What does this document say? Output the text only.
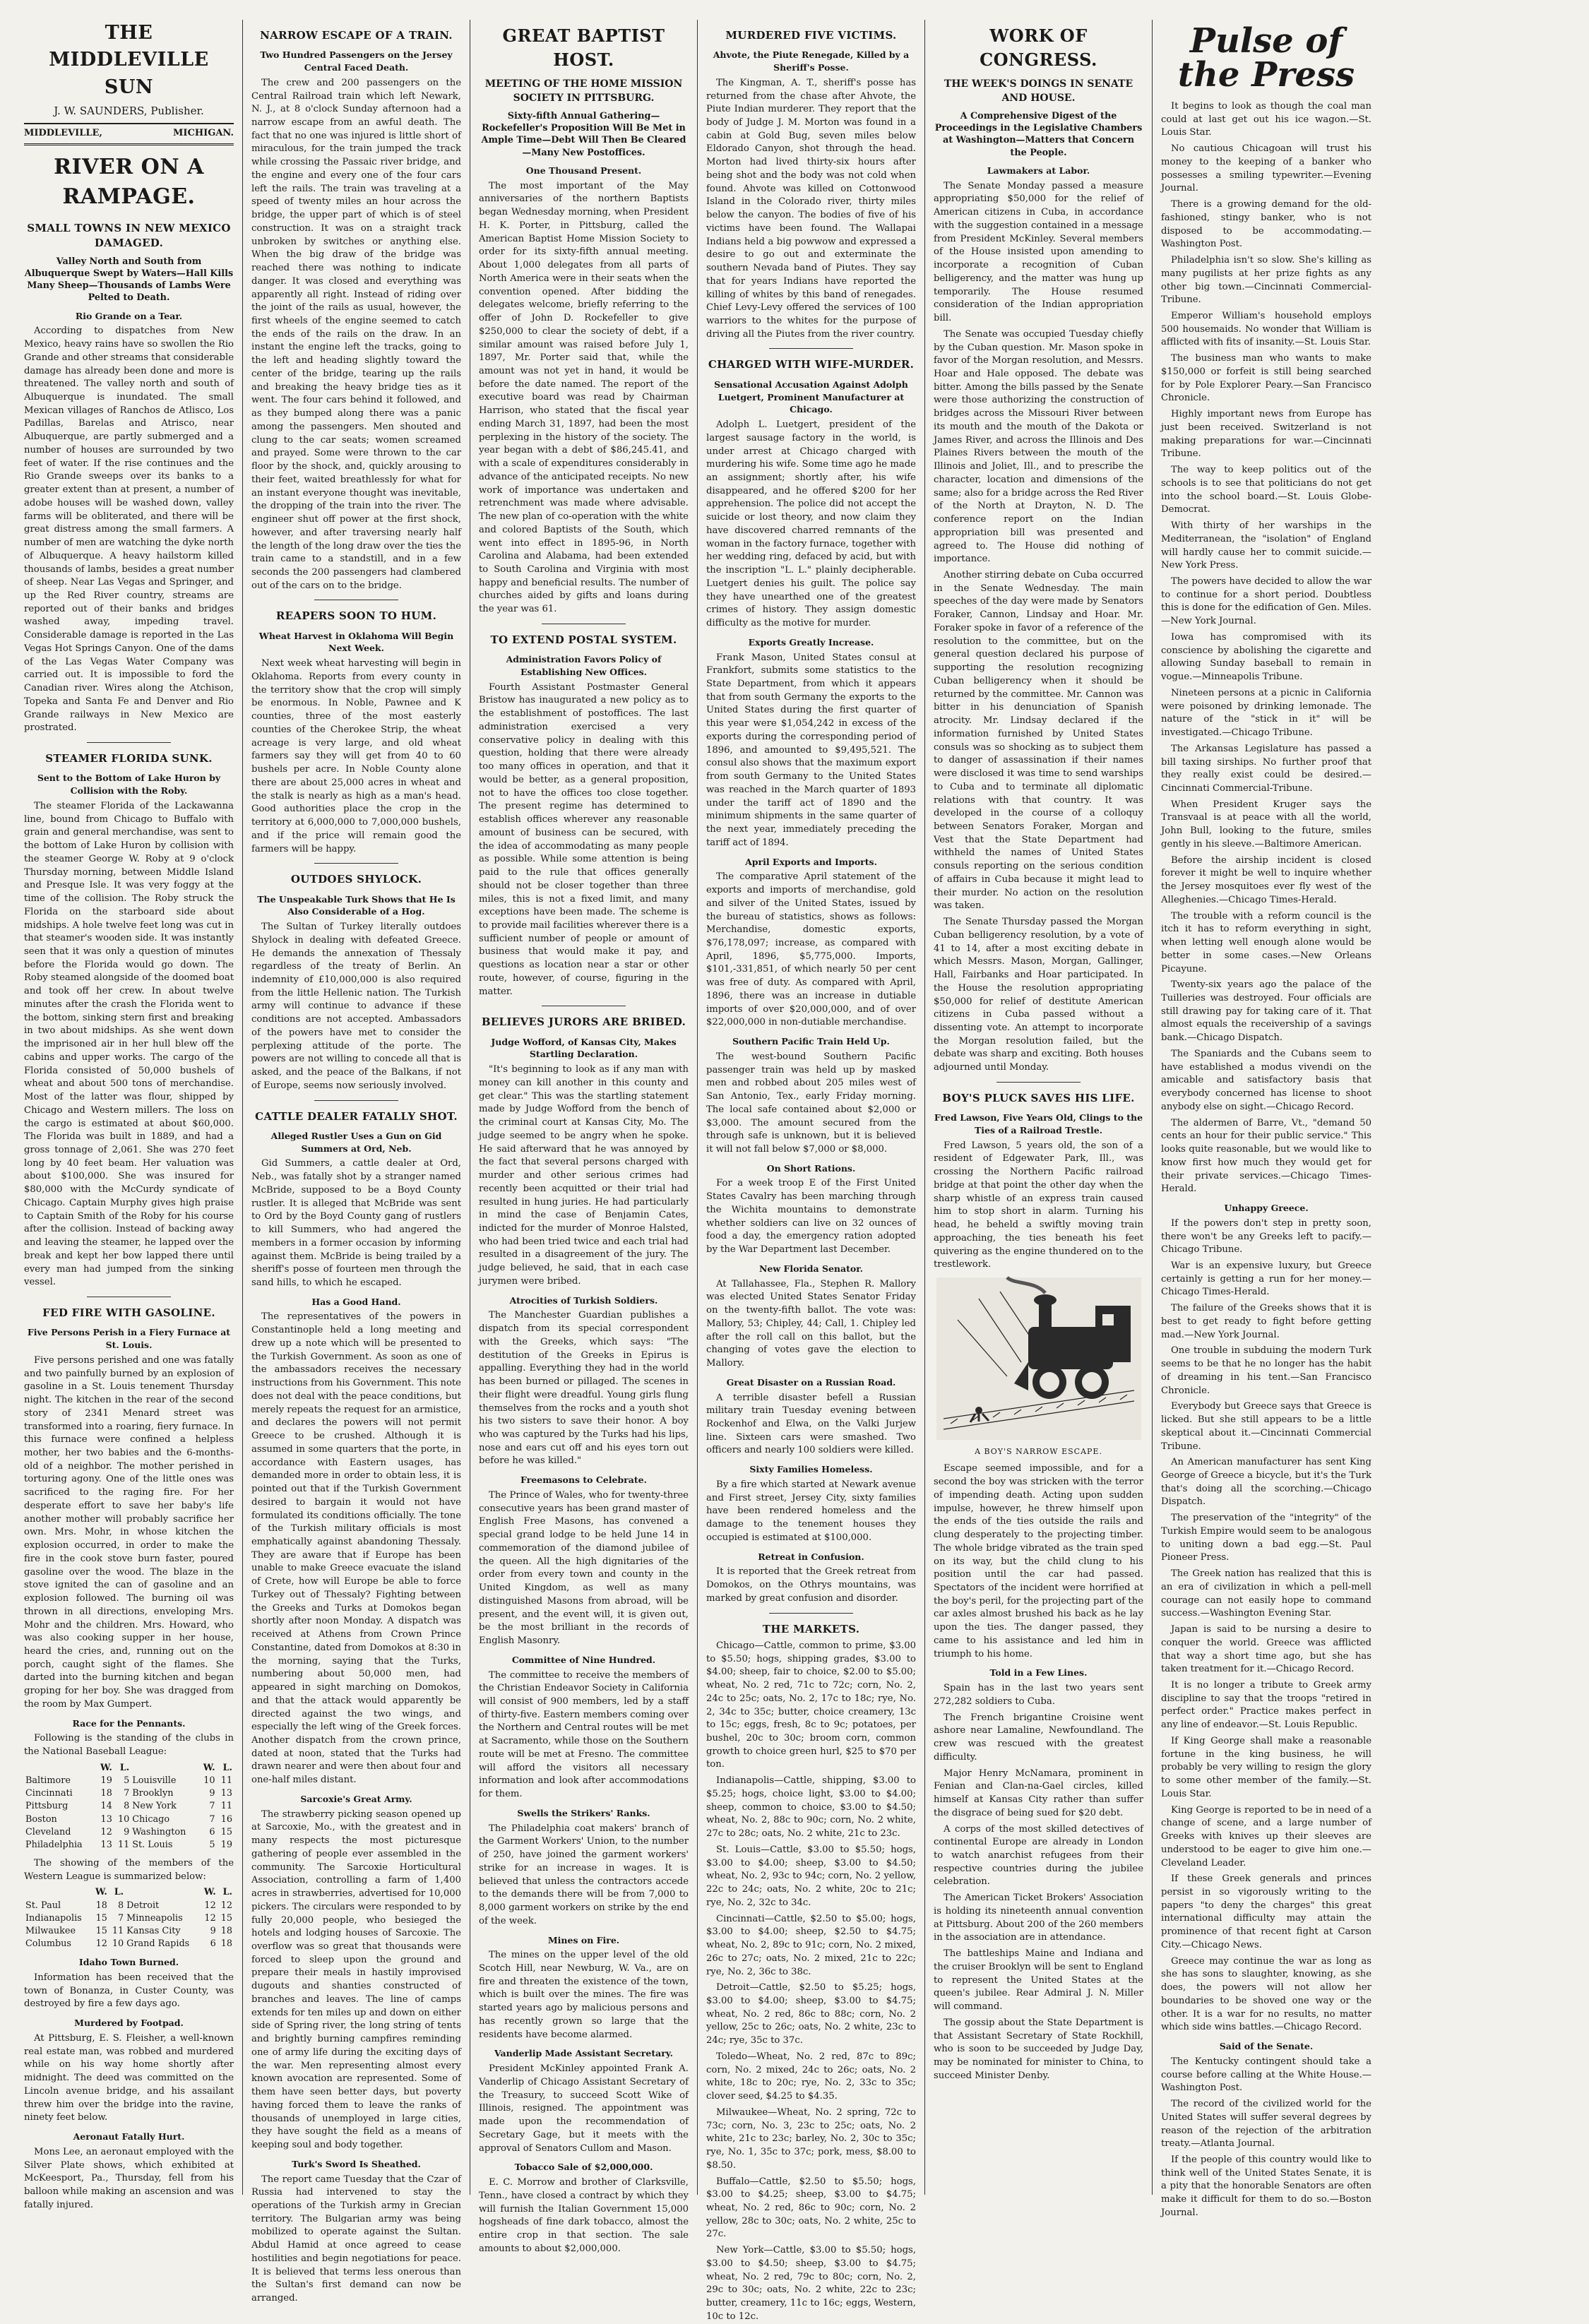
THE MIDDLEVILLE SUN
J. W. SAUNDERS, Publisher.
MIDDLEVILLE,	MICHIGAN.
RIVER ON A RAMPAGE.
SMALL TOWNS IN NEW MEXICO DAMAGED.
Valley North and South from Albuquerque Swept by Waters—Hall Kills Many Sheep—Thousands of Lambs Were Pelted to Death.
Rio Grande on a Tear.

According to dispatches from New Mexico, heavy rains have so swollen the Rio Grande and other streams that considerable damage has already been done and more is threatened. The valley north and south of Albuquerque is inundated. The small Mexican villages of Ranchos de Atlisco, Los Padillas, Barelas and Atrisco, near Albuquerque, are partly submerged and a number of houses are surrounded by two feet of water. If the rise continues and the Rio Grande sweeps over its banks to a greater extent than at present, a number of adobe houses will be washed down, valley farms will be obliterated, and there will be great distress among the small farmers. A number of men are watching the dyke north of Albuquerque. A heavy hailstorm killed thousands of lambs, besides a great number of sheep. Near Las Vegas and Springer, and up the Red River country, streams are reported out of their banks and bridges washed away, impeding travel. Considerable damage is reported in the Las Vegas Hot Springs Canyon. One of the dams of the Las Vegas Water Company was carried out. It is impossible to ford the Canadian river. Wires along the Atchison, Topeka and Santa Fe and Denver and Rio Grande railways in New Mexico are prostrated.

STEAMER FLORIDA SUNK.
Sent to the Bottom of Lake Huron by Collision with the Roby.

The steamer Florida of the Lackawanna line, bound from Chicago to Buffalo with grain and general merchandise, was sent to the bottom of Lake Huron by collision with the steamer George W. Roby at 9 o'clock Thursday morning, between Middle Island and Presque Isle. It was very foggy at the time of the collision. The Roby struck the Florida on the starboard side about midships. A hole twelve feet long was cut in that steamer's wooden side. It was instantly seen that it was only a question of minutes before the Florida would go down. The Roby steamed alongside of the doomed boat and took off her crew. In about twelve minutes after the crash the Florida went to the bottom, sinking stern first and breaking in two about midships. As she went down the imprisoned air in her hull blew off the cabins and upper works. The cargo of the Florida consisted of 50,000 bushels of wheat and about 500 tons of merchandise. Most of the latter was flour, shipped by Chicago and Western millers. The loss on the cargo is estimated at about $60,000. The Florida was built in 1889, and had a gross tonnage of 2,061. She was 270 feet long by 40 feet beam. Her valuation was about $100,000. She was insured for $80,000 with the McCurdy syndicate of Chicago. Captain Murphy gives high praise to Captain Smith of the Roby for his course after the collision. Instead of backing away and leaving the steamer, he lapped over the break and kept her bow lapped there until every man had jumped from the sinking vessel.

FED FIRE WITH GASOLINE.
Five Persons Perish in a Fiery Furnace at St. Louis.

Five persons perished and one was fatally and two painfully burned by an explosion of gasoline in a St. Louis tenement Thursday night. The kitchen in the rear of the second story of 2341 Menard street was transformed into a roaring, fiery furnace. In this furnace were confined a helpless mother, her two babies and the 6-months-old of a neighbor. The mother perished in torturing agony. One of the little ones was sacrificed to the raging fire. For her desperate effort to save her baby's life another mother will probably sacrifice her own. Mrs. Mohr, in whose kitchen the explosion occurred, in order to make the fire in the cook stove burn faster, poured gasoline over the wood. The blaze in the stove ignited the can of gasoline and an explosion followed. The burning oil was thrown in all directions, enveloping Mrs. Mohr and the children. Mrs. Howard, who was also cooking supper in her house, heard the cries, and, running out on the porch, caught sight of the flames. She darted into the burning kitchen and began groping for her boy. She was dragged from the room by Max Gumpert.

Race for the Pennants.

Following is the standing of the clubs in the National Baseball League:

	W.	L.		W.	L.
Baltimore	19	5	Louisville	10	11
Cincinnati	18	7	Brooklyn	9	13
Pittsburg	14	8	New York	7	11
Boston	13	10	Chicago	7	16
Cleveland	12	9	Washington	6	15
Philadelphia	13	11	St. Louis	5	19

The showing of the members of the Western League is summarized below:

	W.	L.		W.	L.
St. Paul	18	8	Detroit	12	12
Indianapolis	15	7	Minneapolis	12	15
Milwaukee	15	11	Kansas City	9	18
Columbus	12	10	Grand Rapids	6	18
Idaho Town Burned.

Information has been received that the town of Bonanza, in Custer County, was destroyed by fire a few days ago.

Murdered by Footpad.

At Pittsburg, E. S. Fleisher, a well-known real estate man, was robbed and murdered while on his way home shortly after midnight. The deed was committed on the Lincoln avenue bridge, and his assailant threw him over the bridge into the ravine, ninety feet below.

Aeronaut Fatally Hurt.

Mons Lee, an aeronaut employed with the Silver Plate shows, which exhibited at McKeesport, Pa., Thursday, fell from his balloon while making an ascension and was fatally injured.

NARROW ESCAPE OF A TRAIN.
Two Hundred Passengers on the Jersey Central Faced Death.

The crew and 200 passengers on the Central Railroad train which left Newark, N. J., at 8 o'clock Sunday afternoon had a narrow escape from an awful death. The fact that no one was injured is little short of miraculous, for the train jumped the track while crossing the Passaic river bridge, and the engine and every one of the four cars left the rails. The train was traveling at a speed of twenty miles an hour across the bridge, the upper part of which is of steel construction. It was on a straight track unbroken by switches or anything else. When the big draw of the bridge was reached there was nothing to indicate danger. It was closed and everything was apparently all right. Instead of riding over the joint of the rails as usual, however, the first wheels of the engine seemed to catch the ends of the rails on the draw. In an instant the engine left the tracks, going to the left and heading slightly toward the center of the bridge, tearing up the rails and breaking the heavy bridge ties as it went. The four cars behind it followed, and as they bumped along there was a panic among the passengers. Men shouted and clung to the car seats; women screamed and prayed. Some were thrown to the car floor by the shock, and, quickly arousing to their feet, waited breathlessly for what for an instant everyone thought was inevitable, the dropping of the train into the river. The engineer shut off power at the first shock, however, and after traversing nearly half the length of the long draw over the ties the train came to a standstill, and in a few seconds the 200 passengers had clambered out of the cars on to the bridge.

REAPERS SOON TO HUM.
Wheat Harvest in Oklahoma Will Begin Next Week.

Next week wheat harvesting will begin in Oklahoma. Reports from every county in the territory show that the crop will simply be enormous. In Noble, Pawnee and K counties, three of the most easterly counties of the Cherokee Strip, the wheat acreage is very large, and old wheat farmers say they will get from 40 to 60 bushels per acre. In Noble County alone there are about 25,000 acres in wheat and the stalk is nearly as high as a man's head. Good authorities place the crop in the territory at 6,000,000 to 7,000,000 bushels, and if the price will remain good the farmers will be happy.

OUTDOES SHYLOCK.
The Unspeakable Turk Shows that He Is Also Considerable of a Hog.

The Sultan of Turkey literally outdoes Shylock in dealing with defeated Greece. He demands the annexation of Thessaly regardless of the treaty of Berlin. An indemnity of £10,000,000 is also required from the little Hellenic nation. The Turkish army will continue to advance if these conditions are not accepted. Ambassadors of the powers have met to consider the perplexing attitude of the porte. The powers are not willing to concede all that is asked, and the peace of the Balkans, if not of Europe, seems now seriously involved.

CATTLE DEALER FATALLY SHOT.
Alleged Rustler Uses a Gun on Gid Summers at Ord, Neb.

Gid Summers, a cattle dealer at Ord, Neb., was fatally shot by a stranger named McBride, supposed to be a Boyd County rustler. It is alleged that McBride was sent to Ord by the Boyd County gang of rustlers to kill Summers, who had angered the members in a former occasion by informing against them. McBride is being trailed by a sheriff's posse of fourteen men through the sand hills, to which he escaped.

Has a Good Hand.

The representatives of the powers in Constantinople held a long meeting and drew up a note which will be presented to the Turkish Government. As soon as one of the ambassadors receives the necessary instructions from his Government. This note does not deal with the peace conditions, but merely repeats the request for an armistice, and declares the powers will not permit Greece to be crushed. Although it is assumed in some quarters that the porte, in accordance with Eastern usages, has demanded more in order to obtain less, it is pointed out that if the Turkish Government desired to bargain it would not have formulated its conditions officially. The tone of the Turkish military officials is most emphatically against abandoning Thessaly. They are aware that if Europe has been unable to make Greece evacuate the island of Crete, how will Europe be able to force Turkey out of Thessaly? Fighting between the Greeks and Turks at Domokos began shortly after noon Monday. A dispatch was received at Athens from Crown Prince Constantine, dated from Domokos at 8:30 in the morning, saying that the Turks, numbering about 50,000 men, had appeared in sight marching on Domokos, and that the attack would apparently be directed against the two wings, and especially the left wing of the Greek forces. Another dispatch from the crown prince, dated at noon, stated that the Turks had drawn nearer and were then about four and one-half miles distant.

Sarcoxie's Great Army.

The strawberry picking season opened up at Sarcoxie, Mo., with the greatest and in many respects the most picturesque gathering of people ever assembled in the community. The Sarcoxie Horticultural Association, controlling a farm of 1,400 acres in strawberries, advertised for 10,000 pickers. The circulars were responded to by fully 20,000 people, who besieged the hotels and lodging houses of Sarcoxie. The overflow was so great that thousands were forced to sleep upon the ground and prepare their meals in hastily improvised dugouts and shanties constructed of branches and leaves. The line of camps extends for ten miles up and down on either side of Spring river, the long string of tents and brightly burning campfires reminding one of army life during the exciting days of the war. Men representing almost every known avocation are represented. Some of them have seen better days, but poverty having forced them to leave the ranks of thousands of unemployed in large cities, they have sought the field as a means of keeping soul and body together.

Turk's Sword Is Sheathed.

The report came Tuesday that the Czar of Russia had intervened to stay the operations of the Turkish army in Grecian territory. The Bulgarian army was being mobilized to operate against the Sultan. Abdul Hamid at once agreed to cease hostilities and begin negotiations for peace. It is believed that terms less onerous than the Sultan's first demand can now be arranged.

GREAT BAPTIST HOST.
MEETING OF THE HOME MISSION SOCIETY IN PITTSBURG.
Sixty-fifth Annual Gathering—Rockefeller's Proposition Will Be Met in Ample Time—Debt Will Then Be Cleared—Many New Postoffices.
One Thousand Present.

The most important of the May anniversaries of the northern Baptists began Wednesday morning, when President H. K. Porter, in Pittsburg, called the American Baptist Home Mission Society to order for its sixty-fifth annual meeting. About 1,000 delegates from all parts of North America were in their seats when the convention opened. After bidding the delegates welcome, briefly referring to the offer of John D. Rockefeller to give $250,000 to clear the society of debt, if a similar amount was raised before July 1, 1897, Mr. Porter said that, while the amount was not yet in hand, it would be before the date named. The report of the executive board was read by Chairman Harrison, who stated that the fiscal year ending March 31, 1897, had been the most perplexing in the history of the society. The year began with a debt of $86,245.41, and with a scale of expenditures considerably in advance of the anticipated receipts. No new work of importance was undertaken and retrenchment was made where advisable. The new plan of co-operation with the white and colored Baptists of the South, which went into effect in 1895-96, in North Carolina and Alabama, had been extended to South Carolina and Virginia with most happy and beneficial results. The number of churches aided by gifts and loans during the year was 61.

TO EXTEND POSTAL SYSTEM.
Administration Favors Policy of Establishing New Offices.

Fourth Assistant Postmaster General Bristow has inaugurated a new policy as to the establishment of postoffices. The last administration exercised a very conservative policy in dealing with this question, holding that there were already too many offices in operation, and that it would be better, as a general proposition, not to have the offices too close together. The present regime has determined to establish offices wherever any reasonable amount of business can be secured, with the idea of accommodating as many people as possible. While some attention is being paid to the rule that offices generally should not be closer together than three miles, this is not a fixed limit, and many exceptions have been made. The scheme is to provide mail facilities wherever there is a sufficient number of people or amount of business that would make it pay, and questions as location near a star or other route, however, of course, figuring in the matter.

BELIEVES JURORS ARE BRIBED.
Judge Wofford, of Kansas City, Makes Startling Declaration.

"It's beginning to look as if any man with money can kill another in this county and get clear." This was the startling statement made by Judge Wofford from the bench of the criminal court at Kansas City, Mo. The judge seemed to be angry when he spoke. He said afterward that he was annoyed by the fact that several persons charged with murder and other serious crimes had recently been acquitted or their trial had resulted in hung juries. He had particularly in mind the case of Benjamin Cates, indicted for the murder of Monroe Halsted, who had been tried twice and each trial had resulted in a disagreement of the jury. The judge believed, he said, that in each case jurymen were bribed.

Atrocities of Turkish Soldiers.

The Manchester Guardian publishes a dispatch from its special correspondent with the Greeks, which says: "The destitution of the Greeks in Epirus is appalling. Everything they had in the world has been burned or pillaged. The scenes in their flight were dreadful. Young girls flung themselves from the rocks and a youth shot his two sisters to save their honor. A boy who was captured by the Turks had his lips, nose and ears cut off and his eyes torn out before he was killed."

Freemasons to Celebrate.

The Prince of Wales, who for twenty-three consecutive years has been grand master of English Free Masons, has convened a special grand lodge to be held June 14 in commemoration of the diamond jubilee of the queen. All the high dignitaries of the order from every town and county in the United Kingdom, as well as many distinguished Masons from abroad, will be present, and the event will, it is given out, be the most brilliant in the records of English Masonry.

Committee of Nine Hundred.

The committee to receive the members of the Christian Endeavor Society in California will consist of 900 members, led by a staff of thirty-five. Eastern members coming over the Northern and Central routes will be met at Sacramento, while those on the Southern route will be met at Fresno. The committee will afford the visitors all necessary information and look after accommodations for them.

Swells the Strikers' Ranks.

The Philadelphia coat makers' branch of the Garment Workers' Union, to the number of 250, have joined the garment workers' strike for an increase in wages. It is believed that unless the contractors accede to the demands there will be from 7,000 to 8,000 garment workers on strike by the end of the week.

Mines on Fire.

The mines on the upper level of the old Scotch Hill, near Newburg, W. Va., are on fire and threaten the existence of the town, which is built over the mines. The fire was started years ago by malicious persons and has recently grown so large that the residents have become alarmed.

Vanderlip Made Assistant Secretary.

President McKinley appointed Frank A. Vanderlip of Chicago Assistant Secretary of the Treasury, to succeed Scott Wike of Illinois, resigned. The appointment was made upon the recommendation of Secretary Gage, but it meets with the approval of Senators Cullom and Mason.

Tobacco Sale of $2,000,000.

E. C. Morrow and brother of Clarksville, Tenn., have closed a contract by which they will furnish the Italian Government 15,000 hogsheads of fine dark tobacco, almost the entire crop in that section. The sale amounts to about $2,000,000.

MURDERED FIVE VICTIMS.
Ahvote, the Piute Renegade, Killed by a Sheriff's Posse.

The Kingman, A. T., sheriff's posse has returned from the chase after Ahvote, the Piute Indian murderer. They report that the body of Judge J. M. Morton was found in a cabin at Gold Bug, seven miles below Eldorado Canyon, shot through the head. Morton had lived thirty-six hours after being shot and the body was not cold when found. Ahvote was killed on Cottonwood Island in the Colorado river, thirty miles below the canyon. The bodies of five of his victims have been found. The Wallapai Indians held a big powwow and expressed a desire to go out and exterminate the southern Nevada band of Piutes. They say that for years Indians have reported the killing of whites by this band of renegades. Chief Levy-Levy offered the services of 100 warriors to the whites for the purpose of driving all the Piutes from the river country.

CHARGED WITH WIFE-MURDER.
Sensational Accusation Against Adolph Luetgert, Prominent Manufacturer at Chicago.

Adolph L. Luetgert, president of the largest sausage factory in the world, is under arrest at Chicago charged with murdering his wife. Some time ago he made an assignment; shortly after, his wife disappeared, and he offered $200 for her apprehension. The police did not accept the suicide or lost theory, and now claim they have discovered charred remnants of the woman in the factory furnace, together with her wedding ring, defaced by acid, but with the inscription "L. L." plainly decipherable. Luetgert denies his guilt. The police say they have unearthed one of the greatest crimes of history. They assign domestic difficulty as the motive for murder.

Exports Greatly Increase.

Frank Mason, United States consul at Frankfort, submits some statistics to the State Department, from which it appears that from south Germany the exports to the United States during the first quarter of this year were $1,054,242 in excess of the exports during the corresponding period of 1896, and amounted to $9,495,521. The consul also shows that the maximum export from south Germany to the United States was reached in the March quarter of 1893 under the tariff act of 1890 and the minimum shipments in the same quarter of the next year, immediately preceding the tariff act of 1894.

April Exports and Imports.

The comparative April statement of the exports and imports of merchandise, gold and silver of the United States, issued by the bureau of statistics, shows as follows: Merchandise, domestic exports, $76,178,097; increase, as compared with April, 1896, $5,775,000. Imports, $101,-331,851, of which nearly 50 per cent was free of duty. As compared with April, 1896, there was an increase in dutiable imports of over $20,000,000, and of over $22,000,000 in non-dutiable merchandise.

Southern Pacific Train Held Up.

The west-bound Southern Pacific passenger train was held up by masked men and robbed about 205 miles west of San Antonio, Tex., early Friday morning. The local safe contained about $2,000 or $3,000. The amount secured from the through safe is unknown, but it is believed it will not fall below $7,000 or $8,000.

On Short Rations.

For a week troop E of the First United States Cavalry has been marching through the Wichita mountains to demonstrate whether soldiers can live on 32 ounces of food a day, the emergency ration adopted by the War Department last December.

New Florida Senator.

At Tallahassee, Fla., Stephen R. Mallory was elected United States Senator Friday on the twenty-fifth ballot. The vote was: Mallory, 53; Chipley, 44; Call, 1. Chipley led after the roll call on this ballot, but the changing of votes gave the election to Mallory.

Great Disaster on a Russian Road.

A terrible disaster befell a Russian military train Tuesday evening between Rockenhof and Elwa, on the Valki Jurjew line. Sixteen cars were smashed. Two officers and nearly 100 soldiers were killed.

Sixty Families Homeless.

By a fire which started at Newark avenue and First street, Jersey City, sixty families have been rendered homeless and the damage to the tenement houses they occupied is estimated at $100,000.

Retreat in Confusion.

It is reported that the Greek retreat from Domokos, on the Othrys mountains, was marked by great confusion and disorder.

THE MARKETS.

Chicago—Cattle, common to prime, $3.00 to $5.50; hogs, shipping grades, $3.00 to $4.00; sheep, fair to choice, $2.00 to $5.00; wheat, No. 2 red, 71c to 72c; corn, No. 2, 24c to 25c; oats, No. 2, 17c to 18c; rye, No. 2, 34c to 35c; butter, choice creamery, 13c to 15c; eggs, fresh, 8c to 9c; potatoes, per bushel, 20c to 30c; broom corn, common growth to choice green hurl, $25 to $70 per ton.

Indianapolis—Cattle, shipping, $3.00 to $5.25; hogs, choice light, $3.00 to $4.00; sheep, common to choice, $3.00 to $4.50; wheat, No. 2, 88c to 90c; corn, No. 2 white, 27c to 28c; oats, No. 2 white, 21c to 23c.

St. Louis—Cattle, $3.00 to $5.50; hogs, $3.00 to $4.00; sheep, $3.00 to $4.50; wheat, No. 2, 93c to 94c; corn, No. 2 yellow, 22c to 24c; oats, No. 2 white, 20c to 21c; rye, No. 2, 32c to 34c.

Cincinnati—Cattle, $2.50 to $5.00; hogs, $3.00 to $4.00; sheep, $2.50 to $4.75; wheat, No. 2, 89c to 91c; corn, No. 2 mixed, 26c to 27c; oats, No. 2 mixed, 21c to 22c; rye, No. 2, 36c to 38c.

Detroit—Cattle, $2.50 to $5.25; hogs, $3.00 to $4.00; sheep, $3.00 to $4.75; wheat, No. 2 red, 86c to 88c; corn, No. 2 yellow, 25c to 26c; oats, No. 2 white, 23c to 24c; rye, 35c to 37c.

Toledo—Wheat, No. 2 red, 87c to 89c; corn, No. 2 mixed, 24c to 26c; oats, No. 2 white, 18c to 20c; rye, No. 2, 33c to 35c; clover seed, $4.25 to $4.35.

Milwaukee—Wheat, No. 2 spring, 72c to 73c; corn, No. 3, 23c to 25c; oats, No. 2 white, 21c to 23c; barley, No. 2, 30c to 35c; rye, No. 1, 35c to 37c; pork, mess, $8.00 to $8.50.

Buffalo—Cattle, $2.50 to $5.50; hogs, $3.00 to $4.25; sheep, $3.00 to $4.75; wheat, No. 2 red, 86c to 90c; corn, No. 2 yellow, 28c to 30c; oats, No. 2 white, 25c to 27c.

New York—Cattle, $3.00 to $5.50; hogs, $3.00 to $4.50; sheep, $3.00 to $4.75; wheat, No. 2 red, 79c to 80c; corn, No. 2, 29c to 30c; oats, No. 2 white, 22c to 23c; butter, creamery, 11c to 16c; eggs, Western, 10c to 12c.

WORK OF CONGRESS.
THE WEEK'S DOINGS IN SENATE AND HOUSE.
A Comprehensive Digest of the Proceedings in the Legislative Chambers at Washington—Matters that Concern the People.
Lawmakers at Labor.

The Senate Monday passed a measure appropriating $50,000 for the relief of American citizens in Cuba, in accordance with the suggestion contained in a message from President McKinley. Several members of the House insisted upon amending to incorporate a recognition of Cuban belligerency, and the matter was hung up temporarily. The House resumed consideration of the Indian appropriation bill.

The Senate was occupied Tuesday chiefly by the Cuban question. Mr. Mason spoke in favor of the Morgan resolution, and Messrs. Hoar and Hale opposed. The debate was bitter. Among the bills passed by the Senate were those authorizing the construction of bridges across the Missouri River between its mouth and the mouth of the Dakota or James River, and across the Illinois and Des Plaines Rivers between the mouth of the Illinois and Joliet, Ill., and to prescribe the character, location and dimensions of the same; also for a bridge across the Red River of the North at Drayton, N. D. The conference report on the Indian appropriation bill was presented and agreed to. The House did nothing of importance.

Another stirring debate on Cuba occurred in the Senate Wednesday. The main speeches of the day were made by Senators Foraker, Cannon, Lindsay and Hoar. Mr. Foraker spoke in favor of a reference of the resolution to the committee, but on the general question declared his purpose of supporting the resolution recognizing Cuban belligerency when it should be returned by the committee. Mr. Cannon was bitter in his denunciation of Spanish atrocity. Mr. Lindsay declared if the information furnished by United States consuls was so shocking as to subject them to danger of assassination if their names were disclosed it was time to send warships to Cuba and to terminate all diplomatic relations with that country. It was developed in the course of a colloquy between Senators Foraker, Morgan and Vest that the State Department had withheld the names of United States consuls reporting on the serious condition of affairs in Cuba because it might lead to their murder. No action on the resolution was taken.

The Senate Thursday passed the Morgan Cuban belligerency resolution, by a vote of 41 to 14, after a most exciting debate in which Messrs. Mason, Morgan, Gallinger, Hall, Fairbanks and Hoar participated. In the House the resolution appropriating $50,000 for relief of destitute American citizens in Cuba passed without a dissenting vote. An attempt to incorporate the Morgan resolution failed, but the debate was sharp and exciting. Both houses adjourned until Monday.

BOY'S PLUCK SAVES HIS LIFE.
Fred Lawson, Five Years Old, Clings to the Ties of a Railroad Trestle.

Fred Lawson, 5 years old, the son of a resident of Edgewater Park, Ill., was crossing the Northern Pacific railroad bridge at that point the other day when the sharp whistle of an express train caused him to stop short in alarm. Turning his head, he beheld a swiftly moving train approaching, the ties beneath his feet quivering as the engine thundered on to the trestlework.

A BOY'S NARROW ESCAPE.

Escape seemed impossible, and for a second the boy was stricken with the terror of impending death. Acting upon sudden impulse, however, he threw himself upon the ends of the ties outside the rails and clung desperately to the projecting timber. The whole bridge vibrated as the train sped on its way, but the child clung to his position until the car had passed. Spectators of the incident were horrified at the boy's peril, for the projecting part of the car axles almost brushed his back as he lay upon the ties. The danger passed, they came to his assistance and led him in triumph to his home.

Told in a Few Lines.

Spain has in the last two years sent 272,282 soldiers to Cuba.

The French brigantine Croisine went ashore near Lamaline, Newfoundland. The crew was rescued with the greatest difficulty.

Major Henry McNamara, prominent in Fenian and Clan-na-Gael circles, killed himself at Kansas City rather than suffer the disgrace of being sued for $20 debt.

A corps of the most skilled detectives of continental Europe are already in London to watch anarchist refugees from their respective countries during the jubilee celebration.

The American Ticket Brokers' Association is holding its nineteenth annual convention at Pittsburg. About 200 of the 260 members in the association are in attendance.

The battleships Maine and Indiana and the cruiser Brooklyn will be sent to England to represent the United States at the queen's jubilee. Rear Admiral J. N. Miller will command.

The gossip about the State Department is that Assistant Secretary of State Rockhill, who is soon to be succeeded by Judge Day, may be nominated for minister to China, to succeed Minister Denby.

Pulse of the Press

It begins to look as though the coal man could at last get out his ice wagon.—St. Louis Star.

No cautious Chicagoan will trust his money to the keeping of a banker who possesses a smiling typewriter.—Evening Journal.

There is a growing demand for the old-fashioned, stingy banker, who is not disposed to be accommodating.—Washington Post.

Philadelphia isn't so slow. She's killing as many pugilists at her prize fights as any other big town.—Cincinnati Commercial-Tribune.

Emperor William's household employs 500 housemaids. No wonder that William is afflicted with fits of insanity.—St. Louis Star.

The business man who wants to make $150,000 or forfeit is still being searched for by Pole Explorer Peary.—San Francisco Chronicle.

Highly important news from Europe has just been received. Switzerland is not making preparations for war.—Cincinnati Tribune.

The way to keep politics out of the schools is to see that politicians do not get into the school board.—St. Louis Globe-Democrat.

With thirty of her warships in the Mediterranean, the "isolation" of England will hardly cause her to commit suicide.—New York Press.

The powers have decided to allow the war to continue for a short period. Doubtless this is done for the edification of Gen. Miles.—New York Journal.

Iowa has compromised with its conscience by abolishing the cigarette and allowing Sunday baseball to remain in vogue.—Minneapolis Tribune.

Nineteen persons at a picnic in California were poisoned by drinking lemonade. The nature of the "stick in it" will be investigated.—Chicago Tribune.

The Arkansas Legislature has passed a bill taxing sirships. No further proof that they really exist could be desired.—Cincinnati Commercial-Tribune.

When President Kruger says the Transvaal is at peace with all the world, John Bull, looking to the future, smiles gently in his sleeve.—Baltimore American.

Before the airship incident is closed forever it might be well to inquire whether the Jersey mosquitoes ever fly west of the Alleghenies.—Chicago Times-Herald.

The trouble with a reform council is the itch it has to reform everything in sight, when letting well enough alone would be better in some cases.—New Orleans Picayune.

Twenty-six years ago the palace of the Tuilleries was destroyed. Four officials are still drawing pay for taking care of it. That almost equals the receivership of a savings bank.—Chicago Dispatch.

The Spaniards and the Cubans seem to have established a modus vivendi on the amicable and satisfactory basis that everybody concerned has license to shoot anybody else on sight.—Chicago Record.

The aldermen of Barre, Vt., "demand 50 cents an hour for their public service." This looks quite reasonable, but we would like to know first how much they would get for their private services.—Chicago Times-Herald.

Unhappy Greece.

If the powers don't step in pretty soon, there won't be any Greeks left to pacify.—Chicago Tribune.

War is an expensive luxury, but Greece certainly is getting a run for her money.—Chicago Times-Herald.

The failure of the Greeks shows that it is best to get ready to fight before getting mad.—New York Journal.

One trouble in subduing the modern Turk seems to be that he no longer has the habit of dreaming in his tent.—San Francisco Chronicle.

Everybody but Greece says that Greece is licked. But she still appears to be a little skeptical about it.—Cincinnati Commercial Tribune.

An American manufacturer has sent King George of Greece a bicycle, but it's the Turk that's doing all the scorching.—Chicago Dispatch.

The preservation of the "integrity" of the Turkish Empire would seem to be analogous to uniting down a bad egg.—St. Paul Pioneer Press.

The Greek nation has realized that this is an era of civilization in which a pell-mell courage can not easily hope to command success.—Washington Evening Star.

Japan is said to be nursing a desire to conquer the world. Greece was afflicted that way a short time ago, but she has taken treatment for it.—Chicago Record.

It is no longer a tribute to Greek army discipline to say that the troops "retired in perfect order." Practice makes perfect in any line of endeavor.—St. Louis Republic.

If King George shall make a reasonable fortune in the king business, he will probably be very willing to resign the glory to some other member of the family.—St. Louis Star.

King George is reported to be in need of a change of scene, and a large number of Greeks with knives up their sleeves are understood to be eager to give him one.—Cleveland Leader.

If these Greek generals and princes persist in so vigorously writing to the papers "to deny the charges" this great international difficulty may attain the prominence of that recent fight at Carson City.—Chicago News.

Greece may continue the war as long as she has sons to slaughter, knowing, as she does, the powers will not allow her boundaries to be shoved one way or the other. It is a war for no results, no matter which side wins battles.—Chicago Record.

Said of the Senate.

The Kentucky contingent should take a course before calling at the White House.—Washington Post.

The record of the civilized world for the United States will suffer several degrees by reason of the rejection of the arbitration treaty.—Atlanta Journal.

If the people of this country would like to think well of the United States Senate, it is a pity that the honorable Senators are often make it difficult for them to do so.—Boston Journal.
